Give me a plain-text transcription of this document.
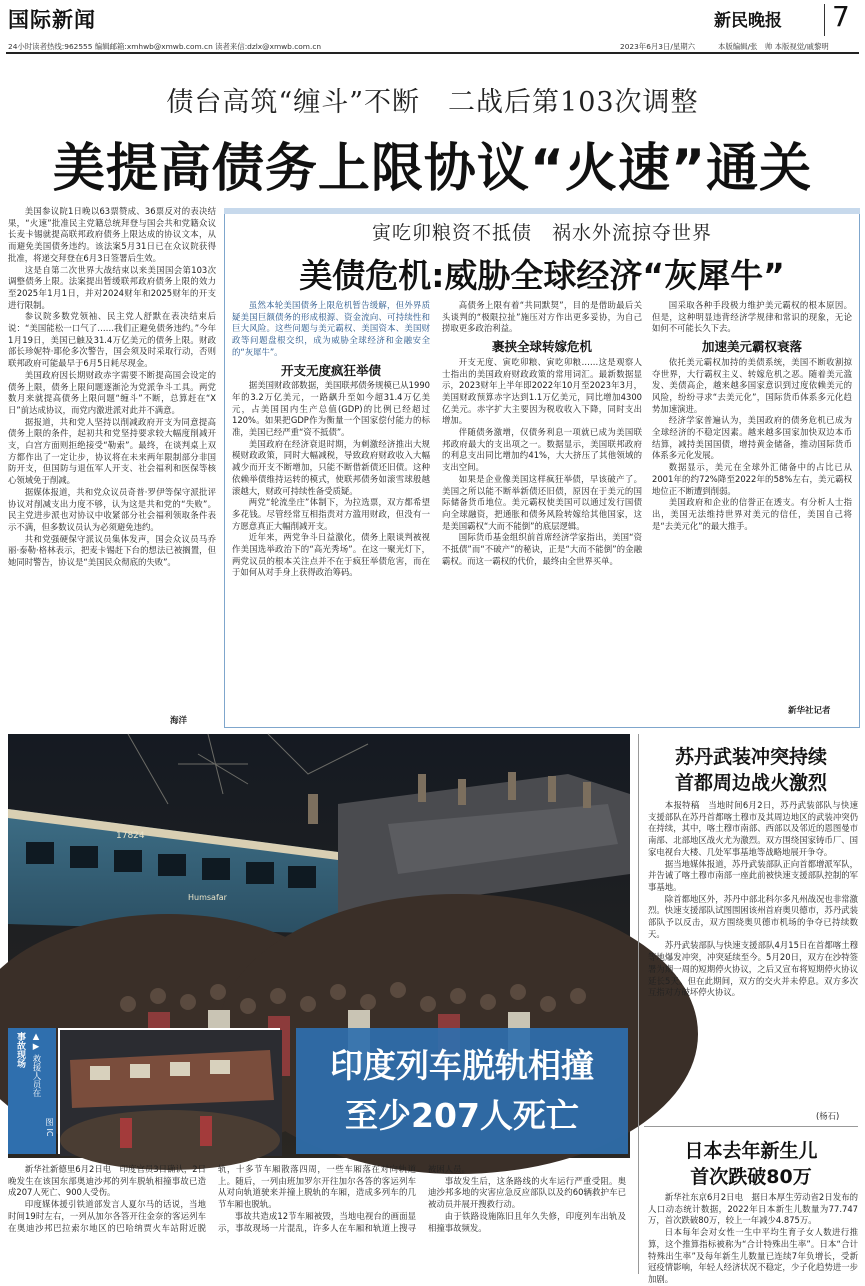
国际新闻	新民晚报 7
24小时读者热线:962555 编辑邮箱:xmhwb@xmwb.com.cn 读者来信:dzlx@xmwb.com.cn	2023年6月3日/星期六	本版编辑/张　帅 本版视觉/戚黎明
债台高筑“缠斗”不断　二战后第103次调整
美提高债务上限协议“火速”通关

美国参议院1日晚以63票赞成、36票反对的表决结果，“火速”批准民主党籍总统拜登与国会共和党籍众议长麦卡锡就提高联邦政府债务上限达成的协议文本，从而避免美国债务违约。该法案5月31日已在众议院获得批准，将递交拜登在6月3日签署后生效。

这是自第二次世界大战结束以来美国国会第103次调整债务上限。法案提出暂缓联邦政府债务上限的效力至2025年1月1日，并对2024财年和2025财年的开支进行限制。

参议院多数党领袖、民主党人舒默在表决结束后说：“美国能松一口气了……我们正避免债务违约。”今年1月19日，美国已触及31.4万亿美元的债务上限。财政部长珍妮特·耶伦多次警告，国会须及时采取行动，否则联邦政府可能最早于6月5日耗尽现金。

美国政府因长期财政赤字需要不断提高国会设定的债务上限，债务上限问题逐渐沦为党派争斗工具。两党数月来就提高债务上限问题“缠斗”不断，总算赶在“X日”前达成协议，而党内激进派对此并不满意。

据报道，共和党人坚持以削减政府开支为同意提高债务上限的条件，起初共和党坚持要求较大幅度削减开支，白宫方面则拒绝接受“勒索”。最终，在谈判桌上双方都作出了一定让步，协议将在未来两年限制部分非国防开支，但国防与退伍军人开支、社会福利和医保等核心领域免于削减。

据媒体报道，共和党众议员奇普·罗伊等保守派批评协议对削减支出力度不够，认为这是共和党的“失败”。民主党进步派也对协议中收紧部分社会福利领取条件表示不满，但多数议员认为必须避免违约。

共和党强硬保守派议员集体发声，国会众议员马乔丽·泰勒·格林表示，把麦卡锡赶下台的想法已被搁置，但她同时警告，协议是“美国民众彻底的失败”。

海洋
寅吃卯粮资不抵债　祸水外流掠夺世界
美债危机:威胁全球经济“灰犀牛”

虽然本轮美国债务上限危机暂告缓解，但外界质疑美国巨额债务的形成根源、资金流向、可持续性和巨大风险。这些问题与美元霸权、美国资本、美国财政等问题盘根交织，成为威胁全球经济和金融安全的“灰犀牛”。

开支无度疯狂举债

据美国财政部数据，美国联邦债务规模已从1990年的3.2万亿美元，一路飙升至如今超31.4万亿美元，占美国国内生产总值(GDP)的比例已经超过120%。如果把GDP作为衡量一个国家偿付能力的标准，美国已经严重“资不抵债”。

美国政府在经济衰退时期，为刺激经济推出大规模财政政策，同时大幅减税，导致政府财政收入大幅减少而开支不断增加，只能不断借新债还旧债。这种依赖举债维持运转的模式，使联邦债务如滚雪球般越滚越大，财政可持续性备受质疑。

两党“轮流坐庄”体制下，为拉选票，双方都希望多花钱。尽管经常互相指责对方滥用财政，但没有一方愿意真正大幅削减开支。

近年来，两党争斗日益激化，债务上限谈判被视作美国选举政治下的“高光秀场”。在这一聚光灯下，两党议员的根本关注点并不在于疯狂举债危害，而在于如何从对手身上获得政治筹码。

高债务上限有着“共同默契”，目的是借助最后关头谈判的“极限拉扯”施压对方作出更多妥协，为自己捞取更多政治利益。

裹挟全球转嫁危机

开支无度、寅吃卯粮、寅吃卯粮……这是观察人士指出的美国政府财政政策的常用词汇。最新数据显示，2023财年上半年即2022年10月至2023年3月，美国财政预算赤字达到1.1万亿美元，同比增加4300亿美元。赤字扩大主要因为税收收入下降，同时支出增加。

伴随债务激增，仅债务利息一项就已成为美国联邦政府最大的支出项之一。数据显示，美国联邦政府的利息支出同比增加约41%，大大挤压了其他领域的支出空间。

如果是企业像美国这样疯狂举债，早该破产了。美国之所以能不断举新债还旧债，原因在于美元的国际储备货币地位。美元霸权使美国可以通过发行国债向全球融资，把通胀和债务风险转嫁给其他国家，这是美国霸权“大而不能倒”的底层逻辑。

国际货币基金组织前首席经济学家指出，美国“资不抵债”而“不破产”的秘诀，正是“大而不能倒”的金融霸权。而这一霸权的代价，最终由全世界买单。

国采取各种手段极力维护美元霸权的根本原因。但是，这种明显违背经济学规律和常识的现象，无论如何不可能长久下去。

加速美元霸权衰落

依托美元霸权加持的美债系统，美国不断收割掠夺世界，大行霸权主义、转嫁危机之恶。随着美元滥发、美债高企，越来越多国家意识到过度依赖美元的风险，纷纷寻求“去美元化”，国际货币体系多元化趋势加速演进。

经济学家普遍认为，美国政府的债务危机已成为全球经济的不稳定因素。越来越多国家加快双边本币结算，减持美国国债，增持黄金储备，推动国际货币体系多元化发展。

数据显示，美元在全球外汇储备中的占比已从2001年的约72%降至2022年的58%左右，美元霸权地位正不断遭到削弱。

美国政府和企业的信誉正在透支。有分析人士指出，美国无法维持世界对美元的信任，美国自己将是“去美元化”的最大推手。

新华社记者
17824
Humsafar
事故现场 ▲▶ 救援人员在
图 IC
印度列车脱轨相撞
至少207人死亡

新华社新德里6月2日电　印度官员3日确认，2日晚发生在该国东部奥迪沙邦的列车脱轨相撞事故已造成207人死亡、900人受伤。

印度媒体援引铁道部发言人夏尔马的话说，当地时间19时左右，一列从加尔各答开往金奈的客运列车在奥迪沙邦巴拉索尔地区的巴哈纳贾火车站附近脱轨，十多节车厢散落四周，一些车厢落在对向轨道上。随后，一列由班加罗尔开往加尔各答的客运列车从对向轨道驶来并撞上脱轨的车厢，造成多列车的几节车厢也脱轨。

事故共造成12节车厢被毁，当地电视台的画面显示，事故现场一片混乱，许多人在车厢和轨道上搜寻被困人员。

事故发生后，这条路线的火车运行严重受阻。奥迪沙邦多地的灾害应急反应部队以及约60辆救护车已被动员并展开搜救行动。

由于铁路设施陈旧且年久失修，印度列车出轨及相撞事故频发。

苏丹武装冲突持续
首都周边战火激烈

本报特稿　当地时间6月2日，苏丹武装部队与快速支援部队在苏丹首都喀土穆市及其周边地区的武装冲突仍在持续，其中，喀土穆市南部、西部以及邻近的恩图曼市南部、北部地区战火尤为激烈。双方围绕国家铸币厂、国家电视台大楼、几处军事基地等战略地展开争夺。

据当地媒体报道，苏丹武装部队正向首都增派军队，并告诫了喀土穆市南部一座此前被快速支援部队控制的军事基地。

除首都地区外，苏丹中部北科尔多凡州战况也非常激烈。快速支援部队试图围困该州首府奥贝德市，苏丹武装部队予以反击，双方围绕奥贝德市机场的争夺已持续数天。

苏丹武装部队与快速支援部队4月15日在首都喀土穆等地爆发冲突，冲突延续至今。5月20日，双方在沙特签署为期一周的短期停火协议，之后又宣布将短期停火协议延长5天。但在此期间，双方的交火并未停息。双方多次互指对方破坏停火协议。

(杨石)
日本去年新生儿
首次跌破80万

新华社东京6月2日电　据日本厚生劳动省2日发布的人口动态统计数据，2022年日本新生儿数量为77.747万，首次跌破80万，较上一年减少4.875万。

日本每年会对女性一生中平均生育子女人数进行推算，这个推算指标被称为“合计特殊出生率”。日本“合计特殊出生率”及每年新生儿数量已连续7年负增长，受新冠疫情影响，年轻人经济状况不稳定，少子化趋势进一步加剧。
